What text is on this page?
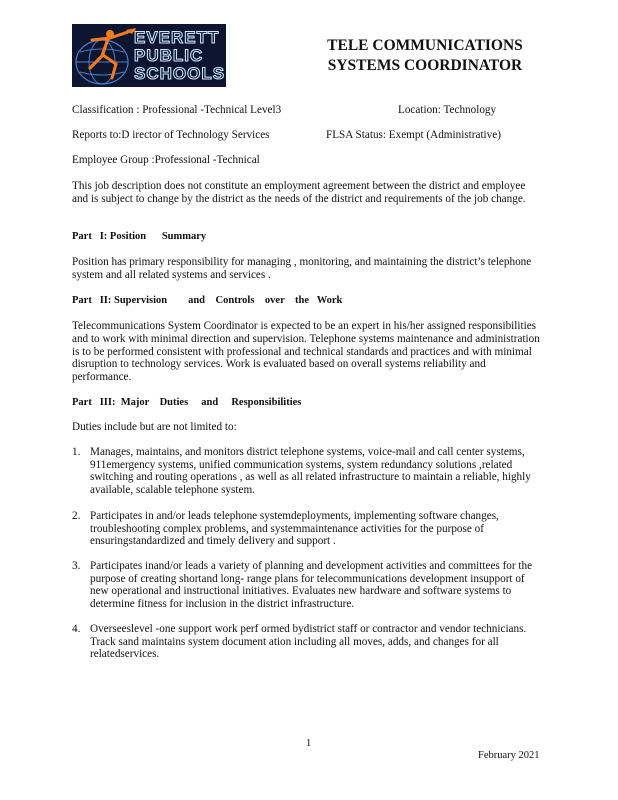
EVERETT
PUBLIC
SCHOOLS
TELE COMMUNICATIONS
SYSTEMS COORDINATOR
Classification : Professional -Technical Level3	Location: Technology
Reports to:D irector of Technology Services	FLSA Status: Exempt (Administrative)
Employee Group :Professional -Technical
This job description does not constitute an employment agreement between the district and employee and is subject to change by the district as the needs of the district and requirements of the job change.
Part   I: Position      Summary
Position has primary responsibility for managing , monitoring, and maintaining the district’s telephone system and all related systems and services .
Part   II: Supervision        and    Controls    over    the   Work
Telecommunications System Coordinator is expected to be an expert in his/her assigned responsibilities and to work with minimal direction and supervision. Telephone systems maintenance and administration is to be performed consistent with professional and technical standards and practices and with minimal disruption to technology services. Work is evaluated based on overall systems reliability and performance.
Part   III:  Major    Duties     and     Responsibilities
Duties include but are not limited to:
1. Manages, maintains, and monitors district telephone systems, voice-mail and call center systems, 911emergency systems, unified communication systems, system redundancy solutions ,related switching and routing operations , as well as all related infrastructure to maintain a reliable, highly available, scalable telephone system.
2. Participates in and/or leads telephone systemdeployments, implementing software changes, troubleshooting complex problems, and systemmaintenance activities for the purpose of ensuringstandardized and timely delivery and support .
3. Participates inand/or leads a variety of planning and development activities and committees for the purpose of creating shortand long- range plans for telecommunications development insupport of new operational and instructional initiatives. Evaluates new hardware and software systems to determine fitness for inclusion in the district infrastructure.
4. Overseeslevel -one support work perf ormed bydistrict staff or contractor and vendor technicians. Track sand maintains system document ation including all moves, adds, and changes for all relatedservices.
1
February 2021
